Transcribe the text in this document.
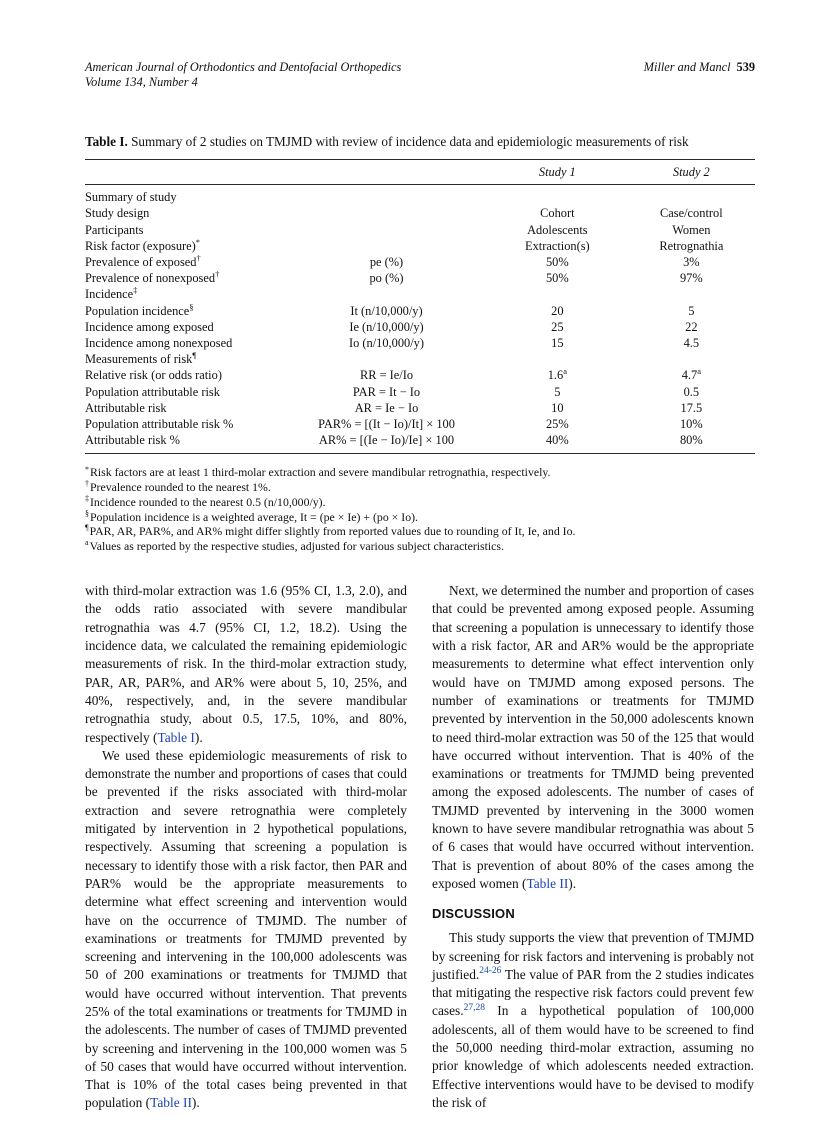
American Journal of Orthodontics and Dentofacial Orthopedics
Volume 134, Number 4
Miller and Mancl 539
Table I. Summary of 2 studies on TMJMD with review of incidence data and epidemiologic measurements of risk
		Study 1	Study 2
Summary of study			
Study design		Cohort	Case/control
Participants		Adolescents	Women
Risk factor (exposure)*		Extraction(s)	Retrognathia
Prevalence of exposed†	pe (%)	50%	3%
Prevalence of nonexposed†	po (%)	50%	97%
Incidence‡
Population incidence§	It (n/10,000/y)	20	5
Incidence among exposed	Ie (n/10,000/y)	25	22
Incidence among nonexposed	Io (n/10,000/y)	15	4.5
Measurements of risk¶
Relative risk (or odds ratio)	RR = Ie/Io	1.6$^a$	4.7$^a$
Population attributable risk	PAR = It − Io	5	0.5
Attributable risk	AR = Ie − Io	10	17.5
Population attributable risk %	PAR% = [(It − Io)/It] × 100	25%	10%
Attributable risk %	AR% = [(Ie − Io)/Ie] × 100	40%	80%
*Risk factors are at least 1 third-molar extraction and severe mandibular retrognathia, respectively.
†Prevalence rounded to the nearest 1%.
‡Incidence rounded to the nearest 0.5 (n/10,000/y).
§Population incidence is a weighted average, It = (pe × Ie) + (po × Io).
¶PAR, AR, PAR%, and AR% might differ slightly from reported values due to rounding of It, Ie, and Io.
$^a$Values as reported by the respective studies, adjusted for various subject characteristics.

with third-molar extraction was 1.6 (95% CI, 1.3, 2.0), and the odds ratio associated with severe mandibular retrognathia was 4.7 (95% CI, 1.2, 18.2). Using the incidence data, we calculated the remaining epidemiologic measurements of risk. In the third-molar extraction study, PAR, AR, PAR%, and AR% were about 5, 10, 25%, and 40%, respectively, and, in the severe mandibular retrognathia study, about 0.5, 17.5, 10%, and 80%, respectively (Table I).

We used these epidemiologic measurements of risk to demonstrate the number and proportions of cases that could be prevented if the risks associated with third-molar extraction and severe retrognathia were completely mitigated by intervention in 2 hypothetical populations, respectively. Assuming that screening a population is necessary to identify those with a risk factor, then PAR and PAR% would be the appropriate measurements to determine what effect screening and intervention would have on the occurrence of TMJMD. The number of examinations or treatments for TMJMD prevented by screening and intervening in the 100,000 adolescents was 50 of 200 examinations or treatments for TMJMD that would have occurred without intervention. That prevents 25% of the total examinations or treatments for TMJMD in the adolescents. The number of cases of TMJMD prevented by screening and intervening in the 100,000 women was 5 of 50 cases that would have occurred without intervention. That is 10% of the total cases being prevented in that population (Table II).

Next, we determined the number and proportion of cases that could be prevented among exposed people. Assuming that screening a population is unnecessary to identify those with a risk factor, AR and AR% would be the appropriate measurements to determine what effect intervention only would have on TMJMD among exposed persons. The number of examinations or treatments for TMJMD prevented by intervention in the 50,000 adolescents known to need third-molar extraction was 50 of the 125 that would have occurred without intervention. That is 40% of the examinations or treatments for TMJMD being prevented among the exposed adolescents. The number of cases of TMJMD prevented by intervening in the 3000 women known to have severe mandibular retrognathia was about 5 of 6 cases that would have occurred without intervention. That is prevention of about 80% of the cases among the exposed women (Table II).

DISCUSSION

This study supports the view that prevention of TMJMD by screening for risk factors and intervening is probably not justified.$^{24-26}$ The value of PAR from the 2 studies indicates that mitigating the respective risk factors could prevent few cases.$^{27,28}$ In a hypothetical population of 100,000 adolescents, all of them would have to be screened to find the 50,000 needing third-molar extraction, assuming no prior knowledge of which adolescents needed extraction. Effective interventions would have to be devised to modify the risk of
